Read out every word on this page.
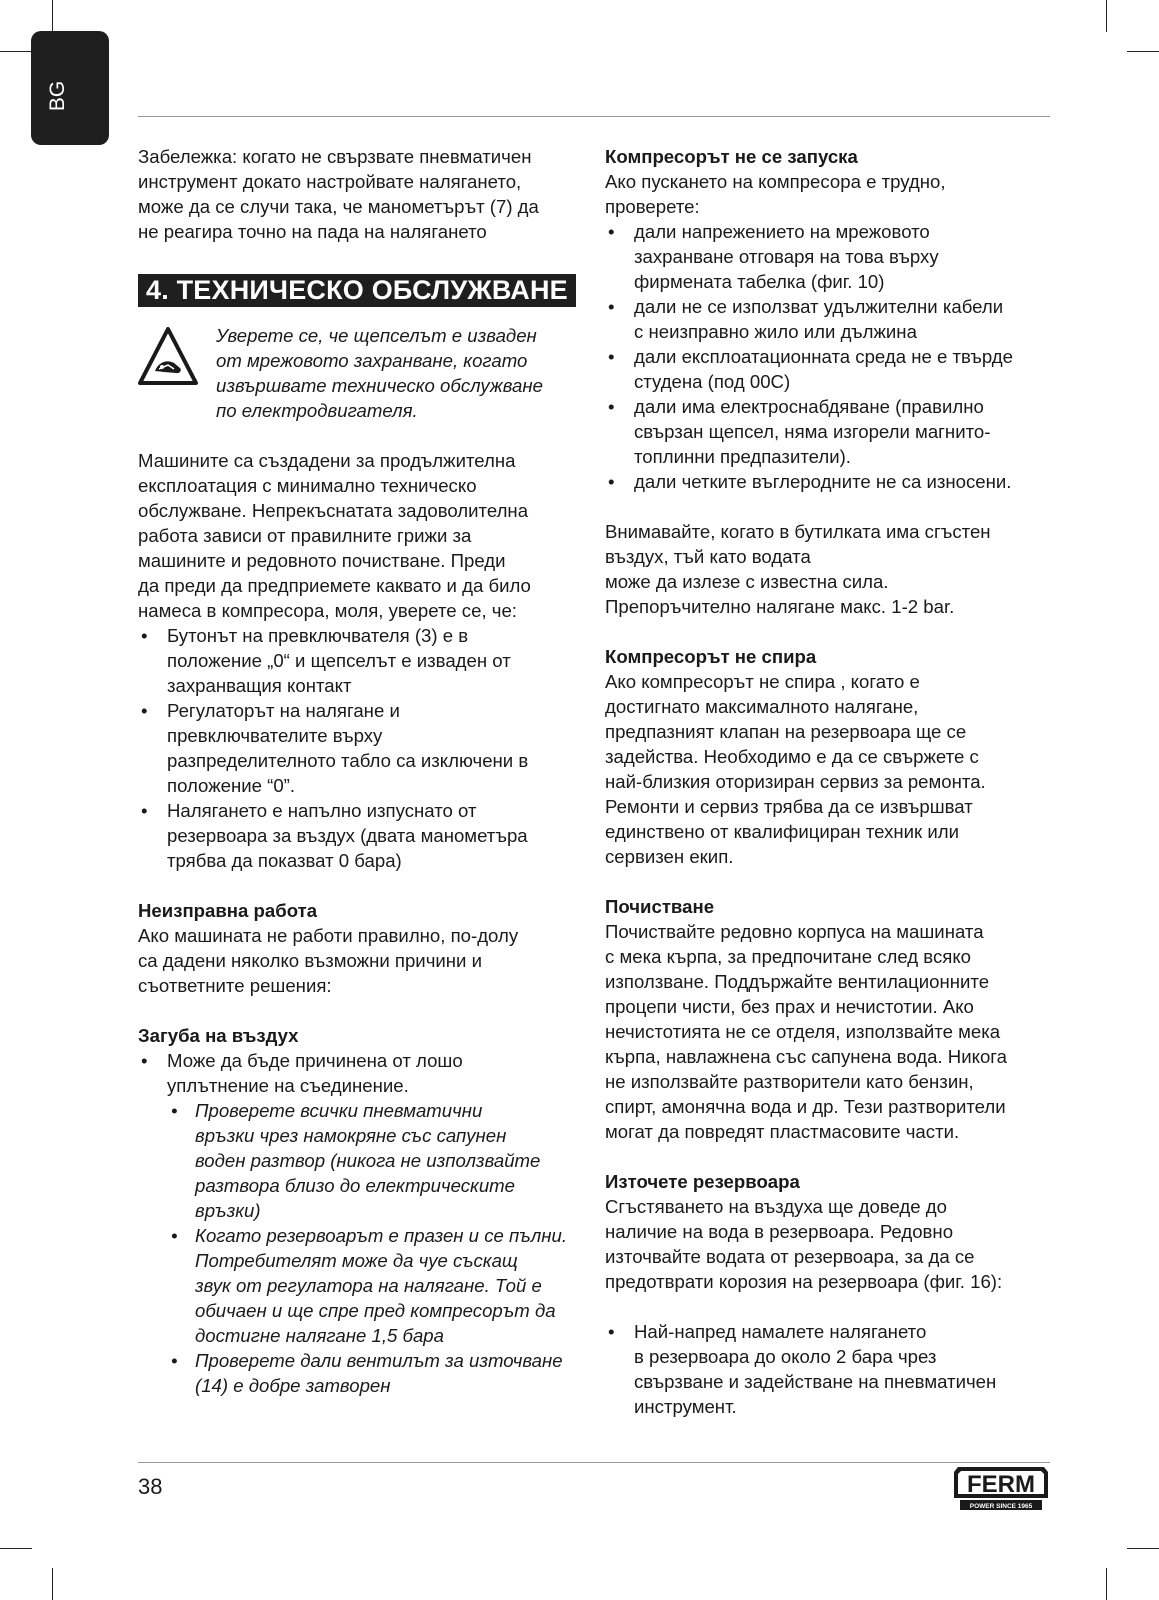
BG

Забележка: когато не свързвате пневматичен
инструмент докато настройвате налягането,
може да се случи така, че манометърът (7) да
не реагира точно на пада на налягането

4. ТЕХНИЧЕСКО ОБСЛУЖВАНЕ
Уверете се, че щепселът е изваден
от мрежовото захранване, когато
извършвате техническо обслужване
по електродвигателя.

Машините са създадени за продължителна
експлоатация с минимално техническо
обслужване. Непрекъснатата задоволителна
работа зависи от правилните грижи за
машините и редовното почистване. Преди
да преди да предприемете каквато и да било
намеса в компресора, моля, уверете се, че:

• Бутонът на превключвателя (3) е в
положение „0“ и щепселът е изваден от
захранващия контакт
• Регулаторът на налягане и
превключвателите върху
разпределителното табло са изключени в
положение “0”.
• Налягането е напълно изпуснато от
резервоара за въздух (двата манометъра
трябва да показват 0 бара)

Неизправна работа

Ако машината не работи правилно, по-долу
са дадени няколко възможни причини и
съответните решения:

Загуба на въздух

• Може да бъде причинена от лошо
уплътнение на съединение.
• Проверете всички пневматични
връзки чрез намокряне със сапунен
воден разтвор (никога не използвайте
разтвора близо до електрическите
връзки)
• Когато резервоарът е празен и се пълни.
Потребителят може да чуе съскащ
звук от регулатора на налягане. Той е
обичаен и ще спре пред компресорът да
достигне налягане 1,5 бара
• Проверете дали вентилът за източване
(14) е добре затворен

Компресорът не се запуска

Ако пускането на компресора е трудно,
проверете:

• дали напрежението на мрежовото
захранване отговаря на това върху
фирмената табелка (фиг. 10)
• дали не се използват удължителни кабели
с неизправно жило или дължина
• дали експлоатационната среда не е твърде
студена (под 00C)
• дали има електроснабдяване (правилно
свързан щепсел, няма изгорели магнито-
топлинни предпазители).
• дали четките въглеродните не са износени.

Внимавайте, когато в бутилката има сгъстен
въздух, тъй като водата
може да излезе с известна сила.
Препоръчително налягане макс. 1-2 bar.

Компресорът не спира

Ако компресорът не спира , когато е
достигнато максималното налягане,
предпазният клапан на резервоара ще се
задейства. Необходимо е да се свържете с
най-близкия оторизиран сервиз за ремонта.
Ремонти и сервиз трябва да се извършват
единствено от квалифициран техник или
сервизен екип.

Почистване

Почиствайте редовно корпуса на машината
с мека кърпа, за предпочитане след всяко
използване. Поддържайте вентилационните
процепи чисти, без прах и нечистотии. Ако
нечистотията не се отделя, използвайте мека
кърпа, навлажнена със сапунена вода. Никога
не използвайте разтворители като бензин,
спирт, амонячна вода и др. Тези разтворители
могат да повредят пластмасовите части.

Източете резервоара

Сгъстяването на въздуха ще доведе до
наличие на вода в резервоара. Редовно
източвайте водата от резервоара, за да се
предотврати корозия на резервоара (фиг. 16):

• Най-напред намалете налягането
в резервоара до около 2 бара чрез
свързване и задействане на пневматичен
инструмент.
38	FERM
POWER SINCE 1965
